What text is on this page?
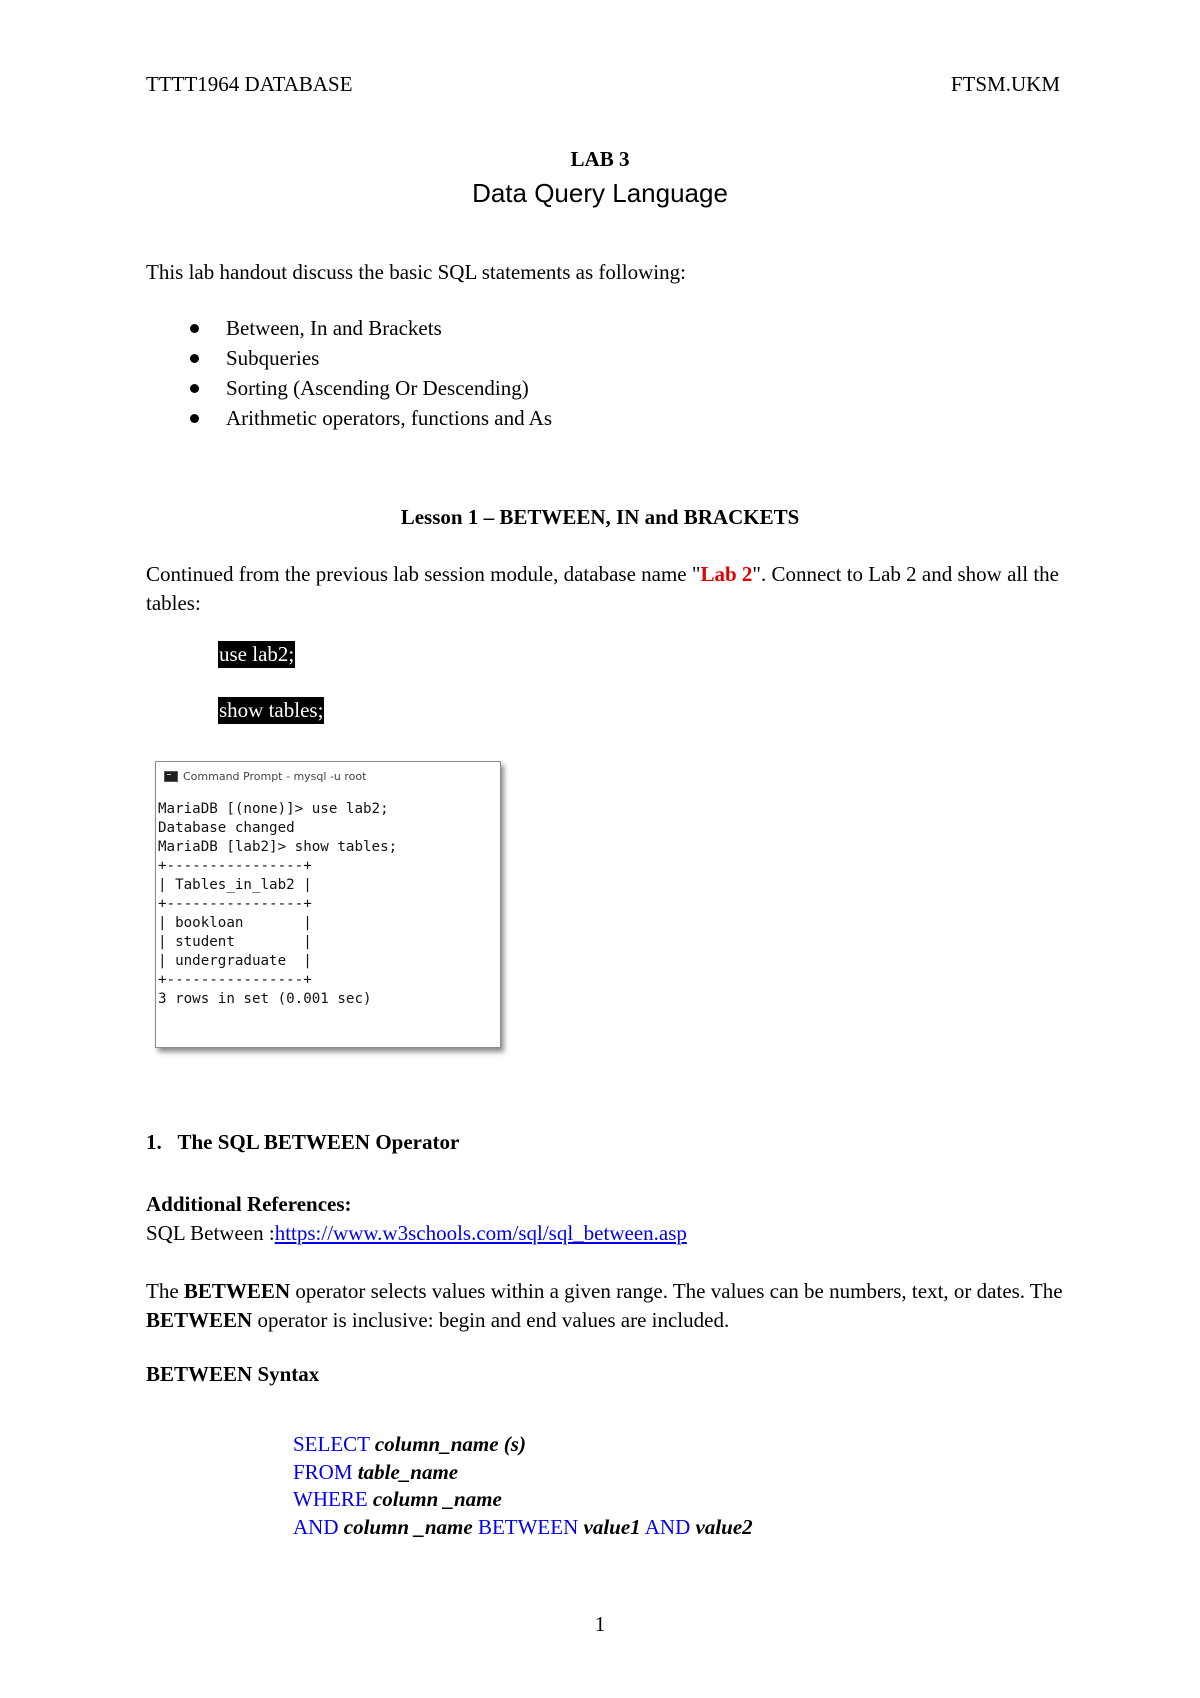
TTTT1964 DATABASE	FTSM.UKM
LAB 3
Data Query Language
This lab handout discuss the basic SQL statements as following:
Between, In and Brackets
Subqueries
Sorting (Ascending Or Descending)
Arithmetic operators, functions and As
Lesson 1 – BETWEEN, IN and BRACKETS
Continued from the previous lab session module, database name "Lab 2". Connect to Lab 2 and show all the tables:
use lab2;
show tables;
Command Prompt - mysql -u root
MariaDB [(none)]> use lab2;
Database changed
MariaDB [lab2]> show tables;
+----------------+
| Tables_in_lab2 |
+----------------+
| bookloan       |
| student        |
| undergraduate  |
+----------------+
3 rows in set (0.001 sec)
1. The SQL BETWEEN Operator
Additional References:
SQL Between :https://www.w3schools.com/sql/sql_between.asp
The BETWEEN operator selects values within a given range. The values can be numbers, text, or dates. The BETWEEN operator is inclusive: begin and end values are included.
BETWEEN Syntax
SELECT column_name (s)
FROM table_name
WHERE column _name
AND column _name BETWEEN value1 AND value2
1
